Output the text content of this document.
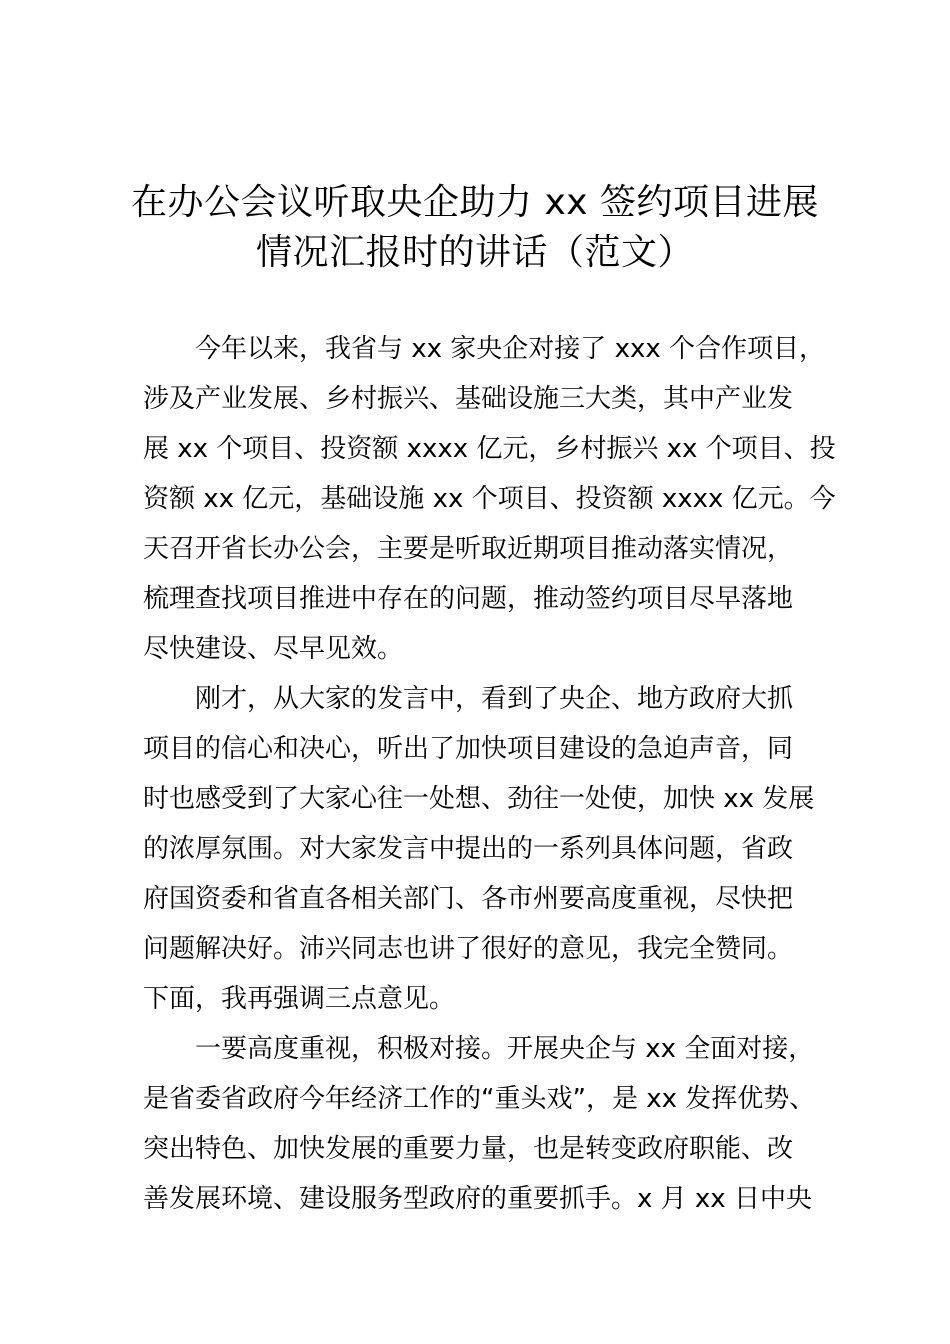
在办公会议听取央企助力 xx 签约项目进展
情况汇报时的讲话（范文）
今年以来，我省与 xx 家央企对接了 xxx 个合作项目，
涉及产业发展、乡村振兴、基础设施三大类，其中产业发
展 xx 个项目、投资额 xxxx 亿元，乡村振兴 xx 个项目、投
资额 xx 亿元，基础设施 xx 个项目、投资额 xxxx 亿元。今
天召开省长办公会，主要是听取近期项目推动落实情况，
梳理查找项目推进中存在的问题，推动签约项目尽早落地
尽快建设、尽早见效。
刚才，从大家的发言中，看到了央企、地方政府大抓
项目的信心和决心，听出了加快项目建设的急迫声音，同
时也感受到了大家心往一处想、劲往一处使，加快 xx 发展
的浓厚氛围。对大家发言中提出的一系列具体问题，省政
府国资委和省直各相关部门、各市州要高度重视，尽快把
问题解决好。沛兴同志也讲了很好的意见，我完全赞同。
下面，我再强调三点意见。
一要高度重视，积极对接。开展央企与 xx 全面对接，
是省委省政府今年经济工作的“重头戏”，是 xx 发挥优势、
突出特色、加快发展的重要力量，也是转变政府职能、改
善发展环境、建设服务型政府的重要抓手。x 月 xx 日中央
